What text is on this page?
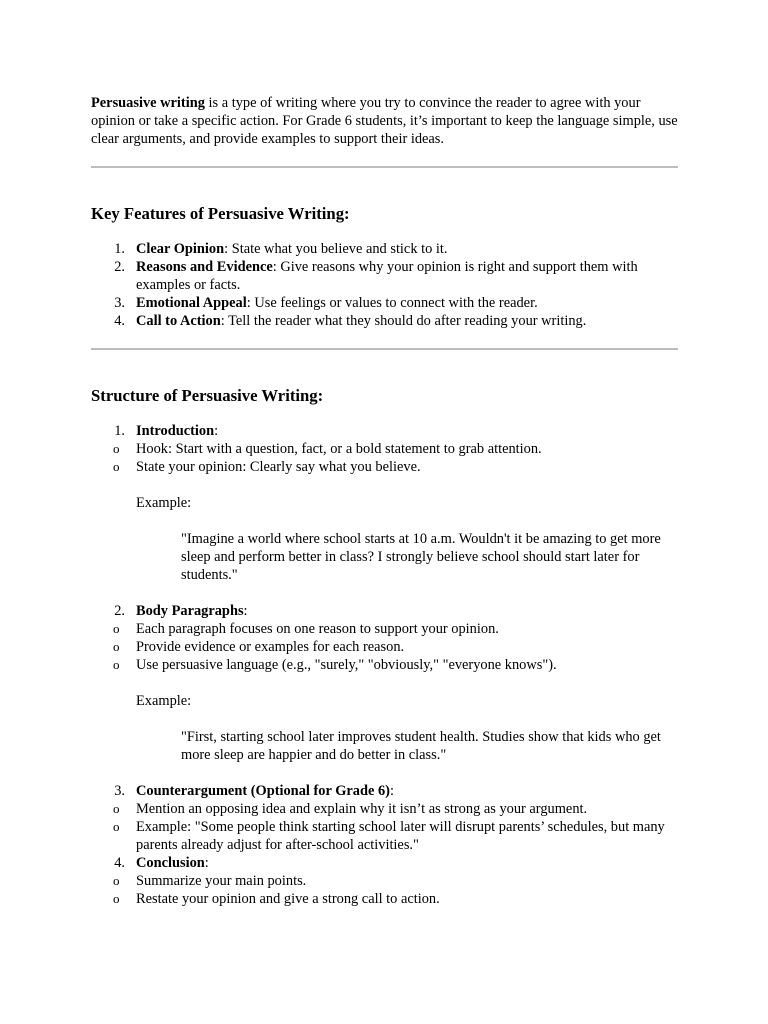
Persuasive writing is a type of writing where you try to convince the reader to agree with your opinion or take a specific action. For Grade 6 students, it’s important to keep the language simple, use clear arguments, and provide examples to support their ideas.

Key Features of Persuasive Writing:
1. Clear Opinion: State what you believe and stick to it.
2. Reasons and Evidence: Give reasons why your opinion is right and support them with examples or facts.
3. Emotional Appeal: Use feelings or values to connect with the reader.
4. Call to Action: Tell the reader what they should do after reading your writing.
Structure of Persuasive Writing:
1. Introduction:
o	Hook: Start with a question, fact, or a bold statement to grab attention.
o	State your opinion: Clearly say what you believe.

Example:

"Imagine a world where school starts at 10 a.m. Wouldn't it be amazing to get more sleep and perform better in class? I strongly believe school should start later for students."

2. Body Paragraphs:
o	Each paragraph focuses on one reason to support your opinion.
o	Provide evidence or examples for each reason.
o	Use persuasive language (e.g., "surely," "obviously," "everyone knows").

Example:

"First, starting school later improves student health. Studies show that kids who get more sleep are happier and do better in class."

3. Counterargument (Optional for Grade 6):
o	Mention an opposing idea and explain why it isn’t as strong as your argument.
o	Example: "Some people think starting school later will disrupt parents’ schedules, but many parents already adjust for after-school activities."
4. Conclusion:
o	Summarize your main points.
o	Restate your opinion and give a strong call to action.
